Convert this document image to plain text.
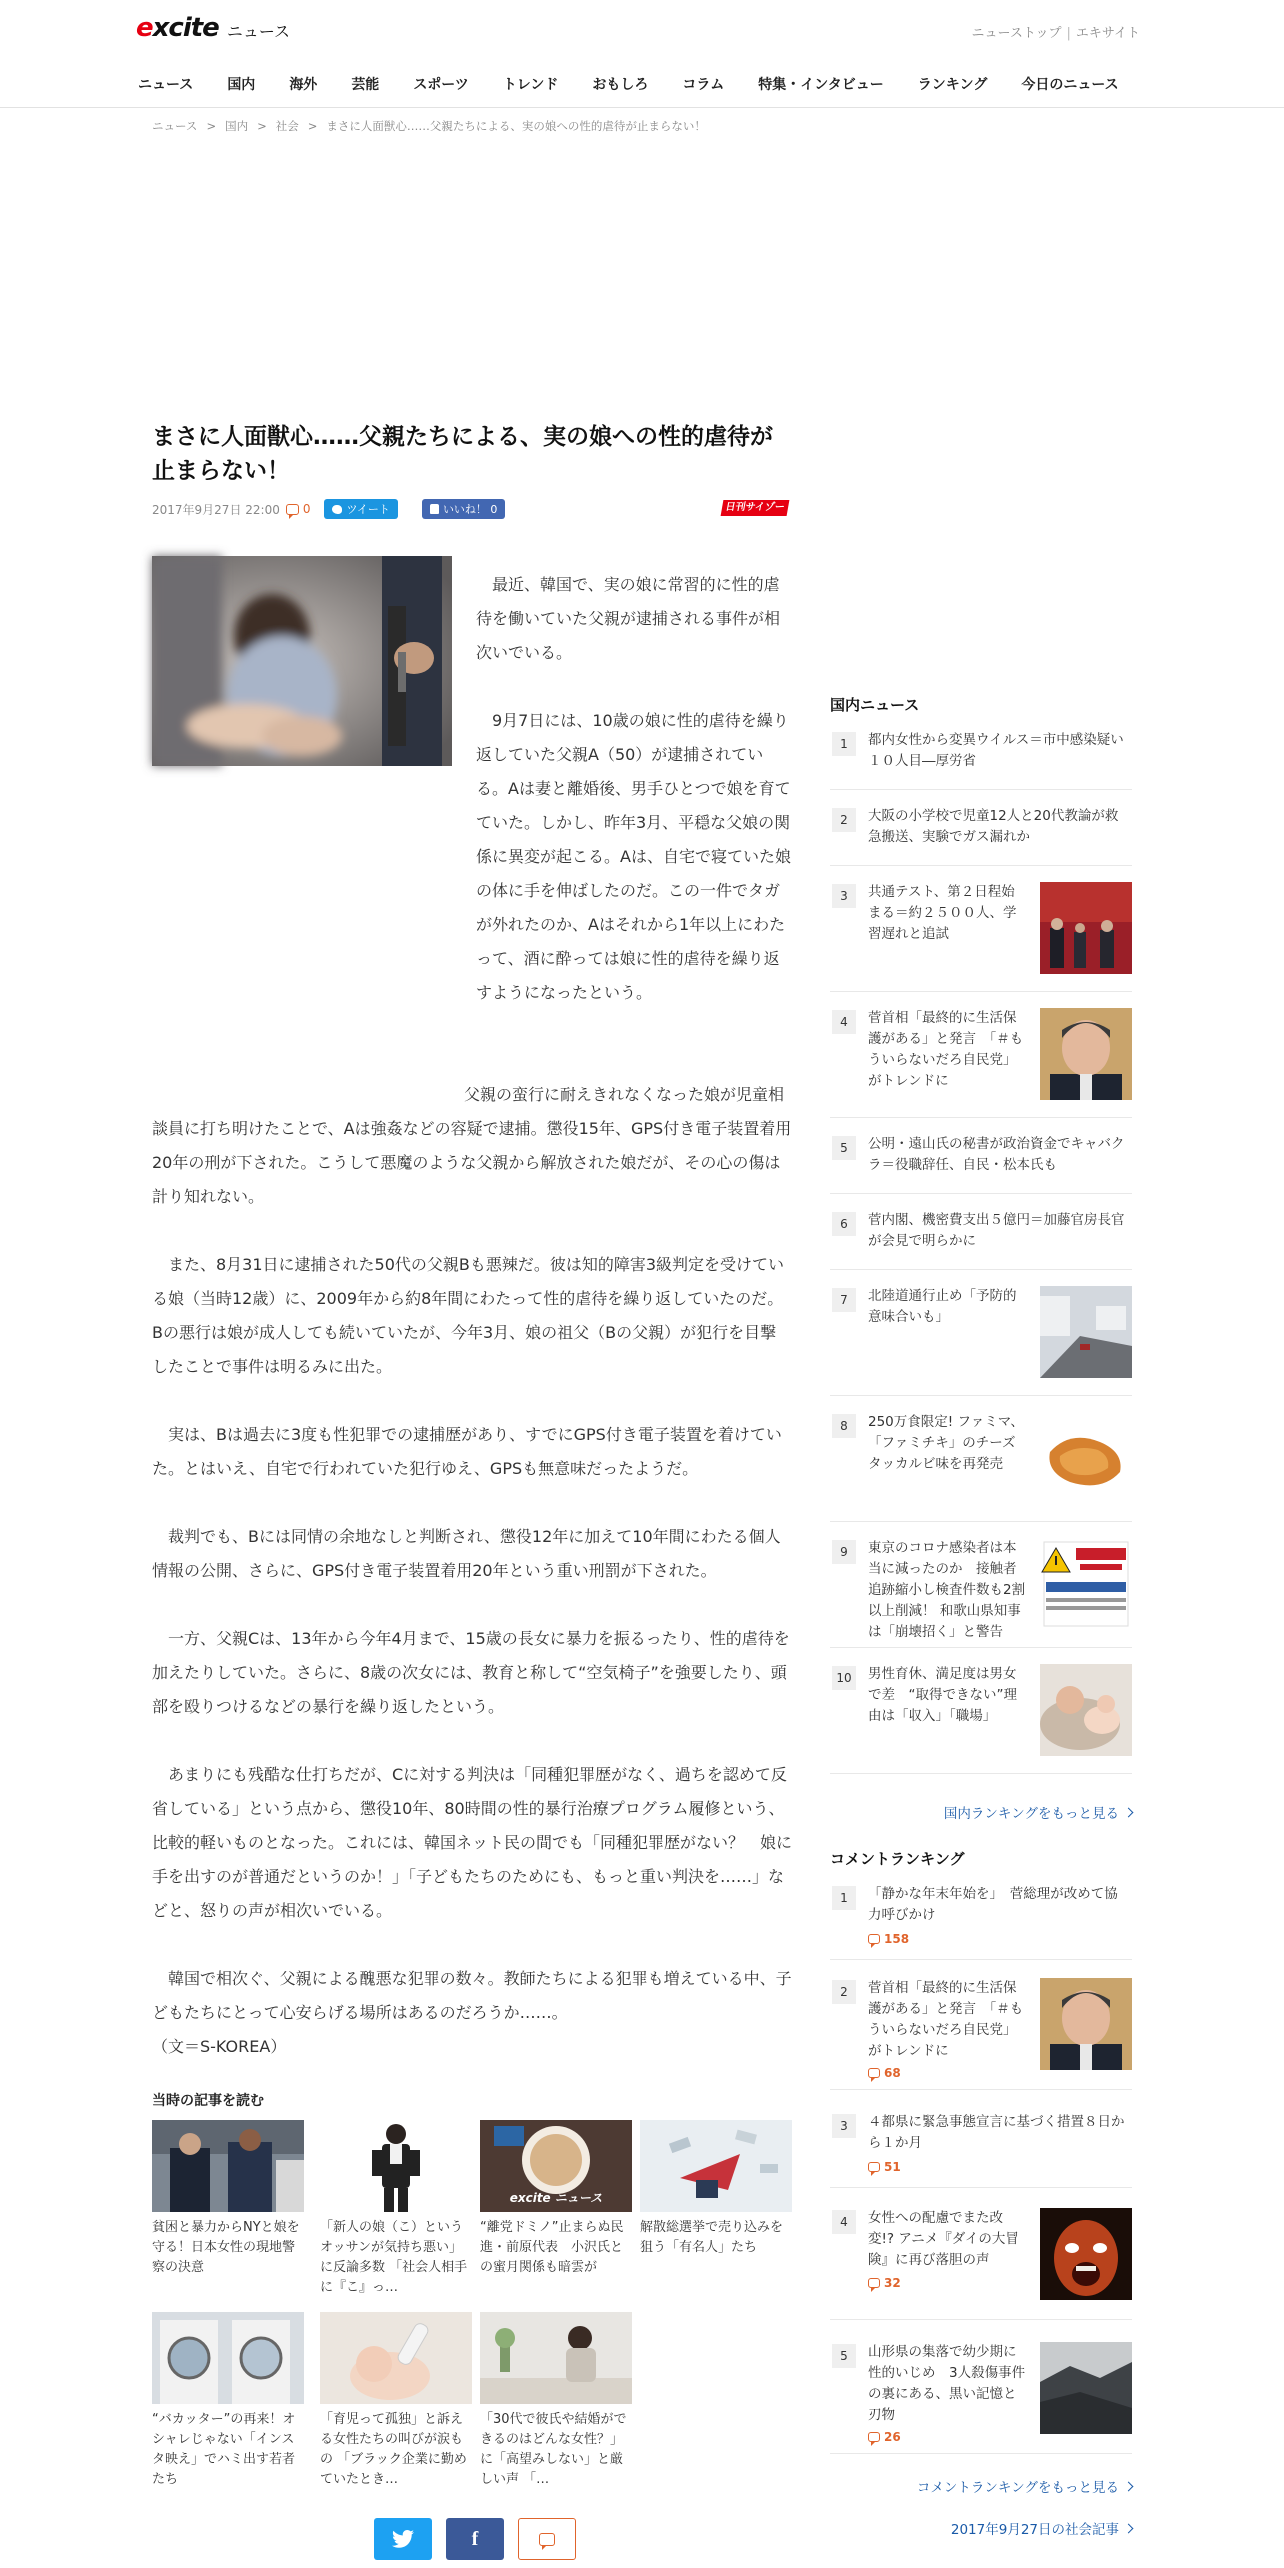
excite ニュース	ニューストップ | エキサイト
ニュース 国内 海外 芸能 スポーツ トレンド おもしろ コラム 特集・インタビュー ランキング 今日のニュース
ニュース > 国内 > 社会 > まさに人面獣心……父親たちによる、実の娘への性的虐待が止まらない！
まさに人面獣心……父親たちによる、実の娘への性的虐待が止まらない！
2017年9月27日 22:00 0	ツイート	いいね！ 0	日刊サイゾー

最近、韓国で、実の娘に常習的に性的虐待を働いていた父親が逮捕される事件が相次いでいる。

9月7日には、10歳の娘に性的虐待を繰り返していた父親A（50）が逮捕されている。Aは妻と離婚後、男手ひとつで娘を育てていた。しかし、昨年3月、平穏な父娘の関係に異変が起こる。Aは、自宅で寝ていた娘の体に手を伸ばしたのだ。この一件でタガが外れたのか、Aはそれから1年以上にわたって、酒に酔っては娘に性的虐待を繰り返すようになったという。

父親の蛮行に耐えきれなくなった娘が児童相談員に打ち明けたことで、Aは強姦などの容疑で逮捕。懲役15年、GPS付き電子装置着用20年の刑が下された。こうして悪魔のような父親から解放された娘だが、その心の傷は計り知れない。

また、8月31日に逮捕された50代の父親Bも悪辣だ。彼は知的障害3級判定を受けている娘（当時12歳）に、2009年から約8年間にわたって性的虐待を繰り返していたのだ。Bの悪行は娘が成人しても続いていたが、今年3月、娘の祖父（Bの父親）が犯行を目撃したことで事件は明るみに出た。

実は、Bは過去に3度も性犯罪での逮捕歴があり、すでにGPS付き電子装置を着けていた。とはいえ、自宅で行われていた犯行ゆえ、GPSも無意味だったようだ。

裁判でも、Bには同情の余地なしと判断され、懲役12年に加えて10年間にわたる個人情報の公開、さらに、GPS付き電子装置着用20年という重い刑罰が下された。

一方、父親Cは、13年から今年4月まで、15歳の長女に暴力を振るったり、性的虐待を加えたりしていた。さらに、8歳の次女には、教育と称して“空気椅子”を強要したり、頭部を殴りつけるなどの暴行を繰り返したという。

あまりにも残酷な仕打ちだが、Cに対する判決は「同種犯罪歴がなく、過ちを認めて反省している」という点から、懲役10年、80時間の性的暴行治療プログラム履修という、比較的軽いものとなった。これには、韓国ネット民の間でも「同種犯罪歴がない？　娘に手を出すのが普通だというのか！」「子どもたちのためにも、もっと重い判決を……」などと、怒りの声が相次いでいる。

韓国で相次ぐ、父親による醜悪な犯罪の数々。教師たちによる犯罪も増えている中、子どもたちにとって心安らげる場所はあるのだろうか……。

（文＝S-KOREA）

当時の記事を読む
貧困と暴力からNYと娘を守る！日本女性の現地警察の決意
「新人の娘（こ）というオッサンが気持ち悪い」に反論多数 「社会人相手に『こ』っ…
excite ニュース
“離党ドミノ”止まらぬ民進・前原代表　小沢氏との蜜月関係も暗雲が
解散総選挙で売り込みを狙う「有名人」たち
“バカッター”の再来！オシャレじゃない「インスタ映え」でハミ出す若者たち
「育児って孤独」と訴える女性たちの叫びが涙もの 「ブラック企業に勤めていたとき…
「30代で彼氏や結婚ができるのはどんな女性？」に「高望みしない」と厳しい声 「…
f
国内ニュース
1	都内女性から変異ウイルス＝市中感染疑い１０人目―厚労省
2	大阪の小学校で児童12人と20代教論が救急搬送、実験でガス漏れか
3	共通テスト、第２日程始まる＝約２５００人、学習遅れと追試
4	菅首相「最終的に生活保護がある」と発言　「＃もういらないだろ自民党」がトレンドに
5	公明・遠山氏の秘書が政治資金でキャバクラ＝役職辞任、自民・松本氏も
6	菅内閣、機密費支出５億円＝加藤官房長官が会見で明らかに
7	北陸道通行止め「予防的意味合いも」
8	250万食限定! ファミマ、「ファミチキ」のチーズタッカルビ味を再発売
9	東京のコロナ感染者は本当に減ったのか　接触者追跡縮小し検査件数も2割以上削減！ 和歌山県知事は「崩壊招く」と警告
10	男性育休、満足度は男女で差　“取得できない”理由は「収入」「職場」
国内ランキングをもっと見る
コメントランキング
1	「静かな年末年始を」　菅総理が改めて協力呼びかけ
158
2	菅首相「最終的に生活保護がある」と発言　「＃もういらないだろ自民党」がトレンドに
68
3	４都県に緊急事態宣言に基づく措置８日から１か月
51
4	女性への配慮でまた改変!? アニメ『ダイの大冒険』に再び落胆の声
32
5	山形県の集落で幼少期に性的いじめ　3人殺傷事件の裏にある、黒い記憶と刃物
26
コメントランキングをもっと見る
2017年9月27日の社会記事
